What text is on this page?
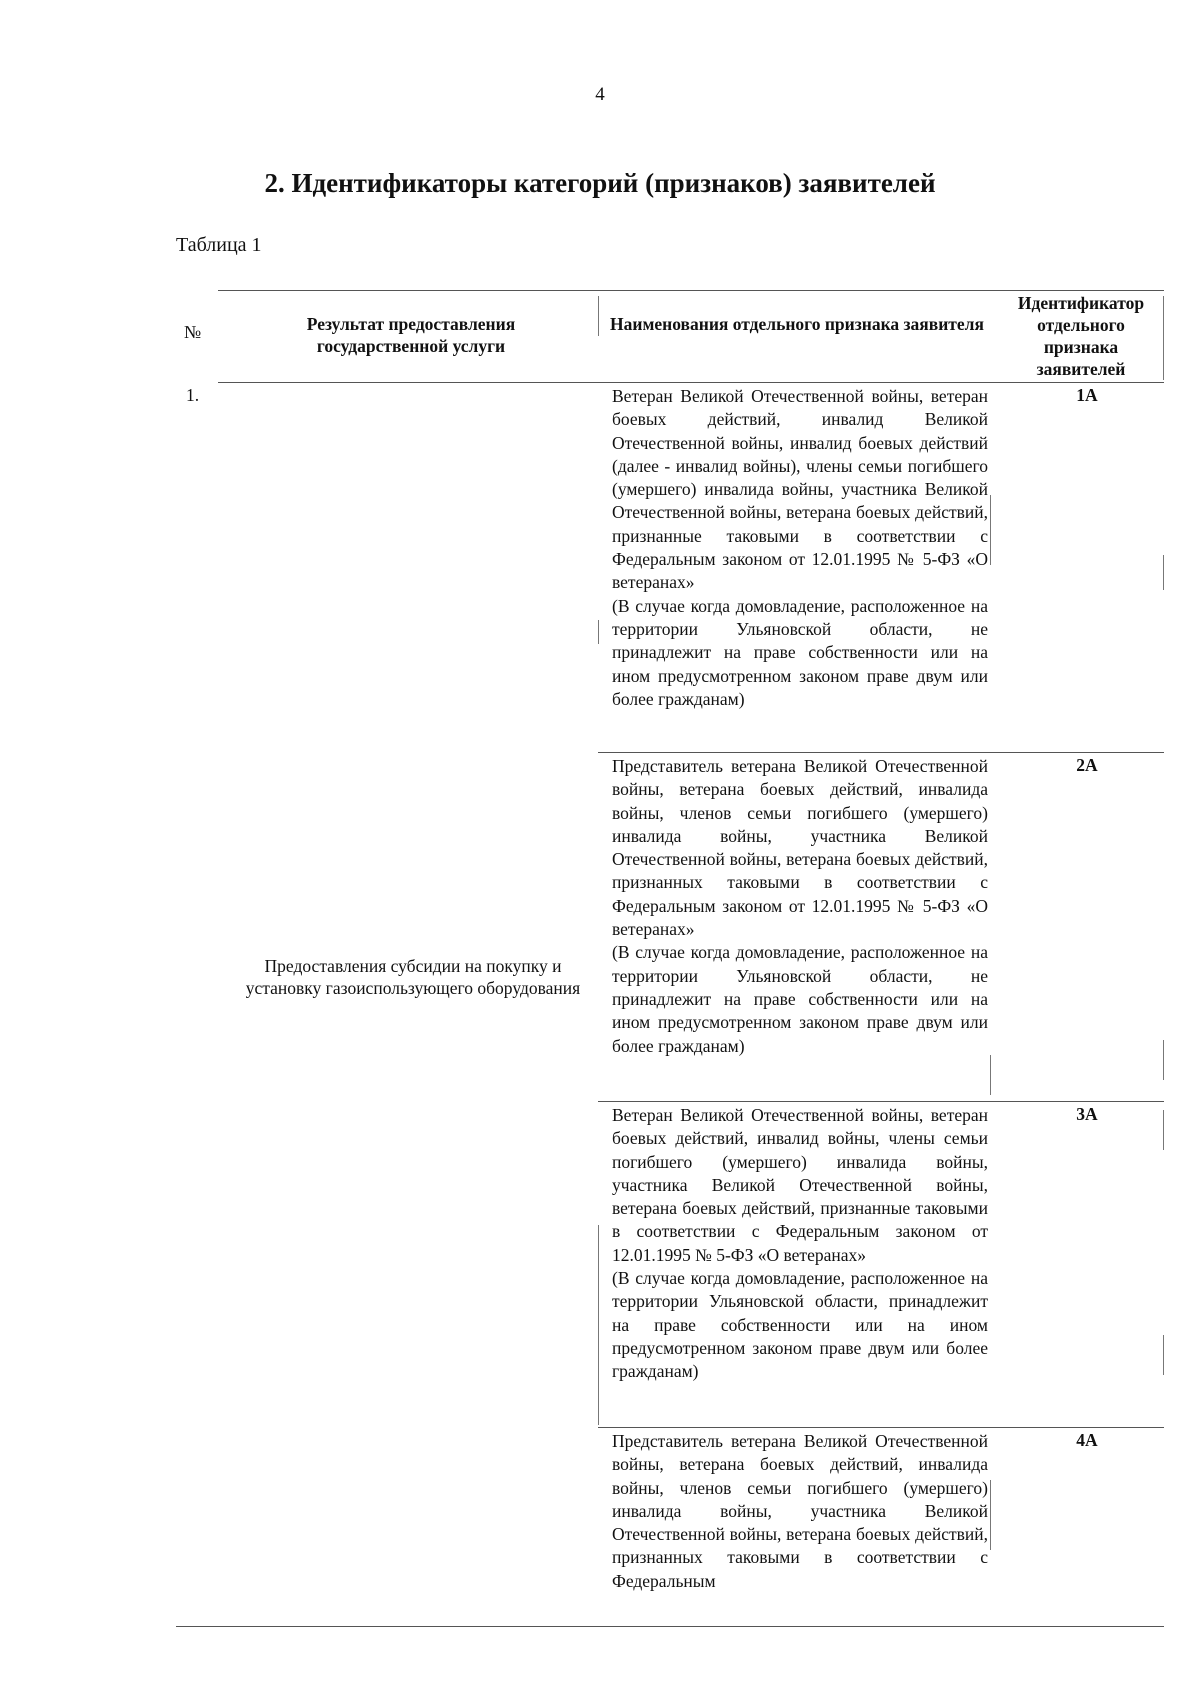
4
2. Идентификаторы категорий (признаков) заявителей
Таблица 1
№	Результат предоставления государственной услуги
Наименования отдельного признака заявителя
Идентификатор отдельного признака заявителей
1.
Предоставления субсидии на покупку и установку газоиспользующего оборудования
Ветеран Великой Отечественной войны, ветеран боевых действий, инвалид Великой Отечественной войны, инвалид боевых действий (далее - инвалид войны), члены семьи погибшего (умершего) инвалида войны, участника Великой Отечественной войны, ветерана боевых действий, признанные таковыми в соответствии с Федеральным законом от 12.01.1995 № 5-ФЗ «О ветеранах»
(В случае когда домовладение, расположенное на территории Ульяновской области, не принадлежит на праве собственности или на ином предусмотренном законом праве двум или более гражданам)
1А
Представитель ветерана Великой Отечественной войны, ветерана боевых действий, инвалида войны, членов семьи погибшего (умершего) инвалида войны, участника Великой Отечественной войны, ветерана боевых действий, признанных таковыми в соответствии с Федеральным законом от 12.01.1995 № 5-ФЗ «О ветеранах»
(В случае когда домовладение, расположенное на территории Ульяновской области, не принадлежит на праве собственности или на ином предусмотренном законом праве двум или более гражданам)
2А
Ветеран Великой Отечественной войны, ветеран боевых действий, инвалид войны, члены семьи погибшего (умершего) инвалида войны, участника Великой Отечественной войны, ветерана боевых действий, признанные таковыми в соответствии с Федеральным законом от 12.01.1995 № 5-ФЗ «О ветеранах»
(В случае когда домовладение, расположенное на территории Ульяновской области, принадлежит на праве собственности или на ином предусмотренном законом праве двум или более гражданам)
3А
Представитель ветерана Великой Отечественной войны, ветерана боевых действий, инвалида войны, членов семьи погибшего (умершего) инвалида войны, участника Великой Отечественной войны, ветерана боевых действий, признанных таковыми в соответствии с Федеральным
4А
